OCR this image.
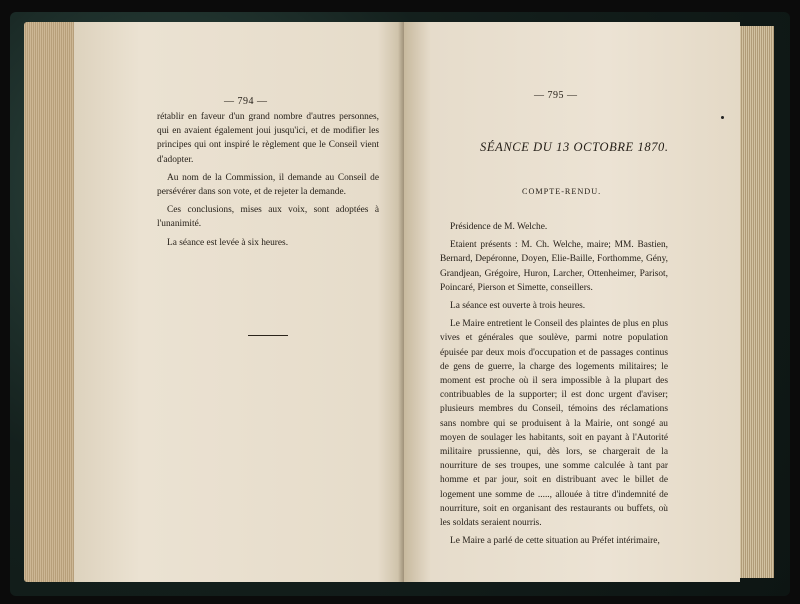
— 794 —

rétablir en faveur d'un grand nombre d'autres personnes, qui en avaient également joui jusqu'ici, et de modifier les principes qui ont inspiré le règlement que le Conseil vient d'adopter.

Au nom de la Commission, il demande au Conseil de persévérer dans son vote, et de rejeter la demande.

Ces conclusions, mises aux voix, sont adoptées à l'unanimité.

La séance est levée à six heures.

— 795 —
SÉANCE DU 13 OCTOBRE 1870.
COMPTE-RENDU.

Présidence de M. Welche.

Etaient présents : M. Ch. Welche, maire; MM. Bastien, Bernard, Depéronne, Doyen, Elie-Baille, Forthomme, Gény, Grandjean, Grégoire, Huron, Larcher, Ottenheimer, Parisot, Poincaré, Pierson et Simette, conseillers.

La séance est ouverte à trois heures.

Le Maire entretient le Conseil des plaintes de plus en plus vives et générales que soulève, parmi notre population épuisée par deux mois d'occupation et de passages continus de gens de guerre, la charge des logements militaires; le moment est proche où il sera impossible à la plupart des contribuables de la supporter; il est donc urgent d'aviser; plusieurs membres du Conseil, témoins des réclamations sans nombre qui se produisent à la Mairie, ont songé au moyen de soulager les habitants, soit en payant à l'Autorité militaire prussienne, qui, dès lors, se chargerait de la nourriture de ses troupes, une somme calculée à tant par homme et par jour, soit en distribuant avec le billet de logement une somme de ....., allouée à titre d'indemnité de nourriture, soit en organisant des restaurants ou buffets, où les soldats seraient nourris.

Le Maire a parlé de cette situation au Préfet intérimaire,
